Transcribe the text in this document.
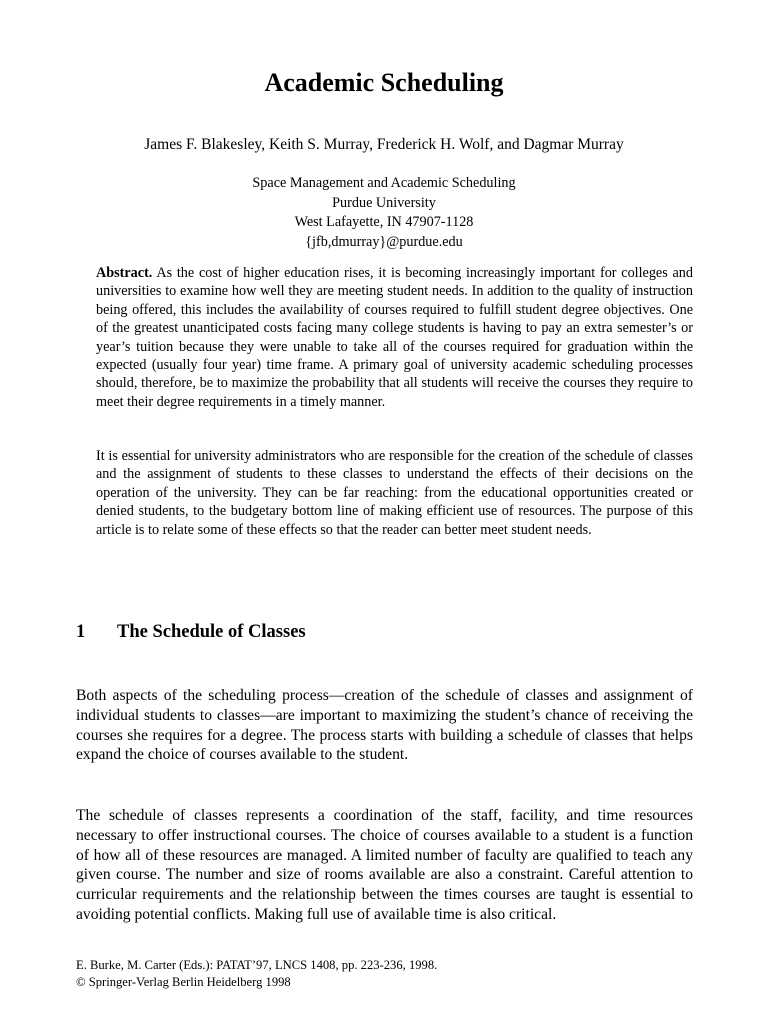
Academic Scheduling
James F. Blakesley, Keith S. Murray, Frederick H. Wolf, and Dagmar Murray
Space Management and Academic Scheduling
Purdue University
West Lafayette, IN 47907-1128
{jfb,dmurray}@purdue.edu

Abstract. As the cost of higher education rises, it is becoming increasingly important for colleges and universities to examine how well they are meeting student needs. In addition to the quality of instruction being offered, this includes the availability of courses required to fulfill student degree objectives. One of the greatest unanticipated costs facing many college students is having to pay an extra semester’s or year’s tuition because they were unable to take all of the courses required for graduation within the expected (usually four year) time frame. A primary goal of university academic scheduling processes should, therefore, be to maximize the probability that all students will receive the courses they require to meet their degree requirements in a timely manner.

It is essential for university administrators who are responsible for the creation of the schedule of classes and the assignment of students to these classes to understand the effects of their decisions on the operation of the university. They can be far reaching: from the educational opportunities created or denied students, to the budgetary bottom line of making efficient use of resources. The purpose of this article is to relate some of these effects so that the reader can better meet student needs.

1 The Schedule of Classes

Both aspects of the scheduling process—creation of the schedule of classes and assignment of individual students to classes—are important to maximizing the student’s chance of receiving the courses she requires for a degree. The process starts with building a schedule of classes that helps expand the choice of courses available to the student.

The schedule of classes represents a coordination of the staff, facility, and time resources necessary to offer instructional courses. The choice of courses available to a student is a function of how all of these resources are managed. A limited number of faculty are qualified to teach any given course. The number and size of rooms available are also a constraint. Careful attention to curricular requirements and the relationship between the times courses are taught is essential to avoiding potential conflicts. Making full use of available time is also critical.

E. Burke, M. Carter (Eds.): PATAT’97, LNCS 1408, pp. 223-236, 1998.
© Springer-Verlag Berlin Heidelberg 1998
